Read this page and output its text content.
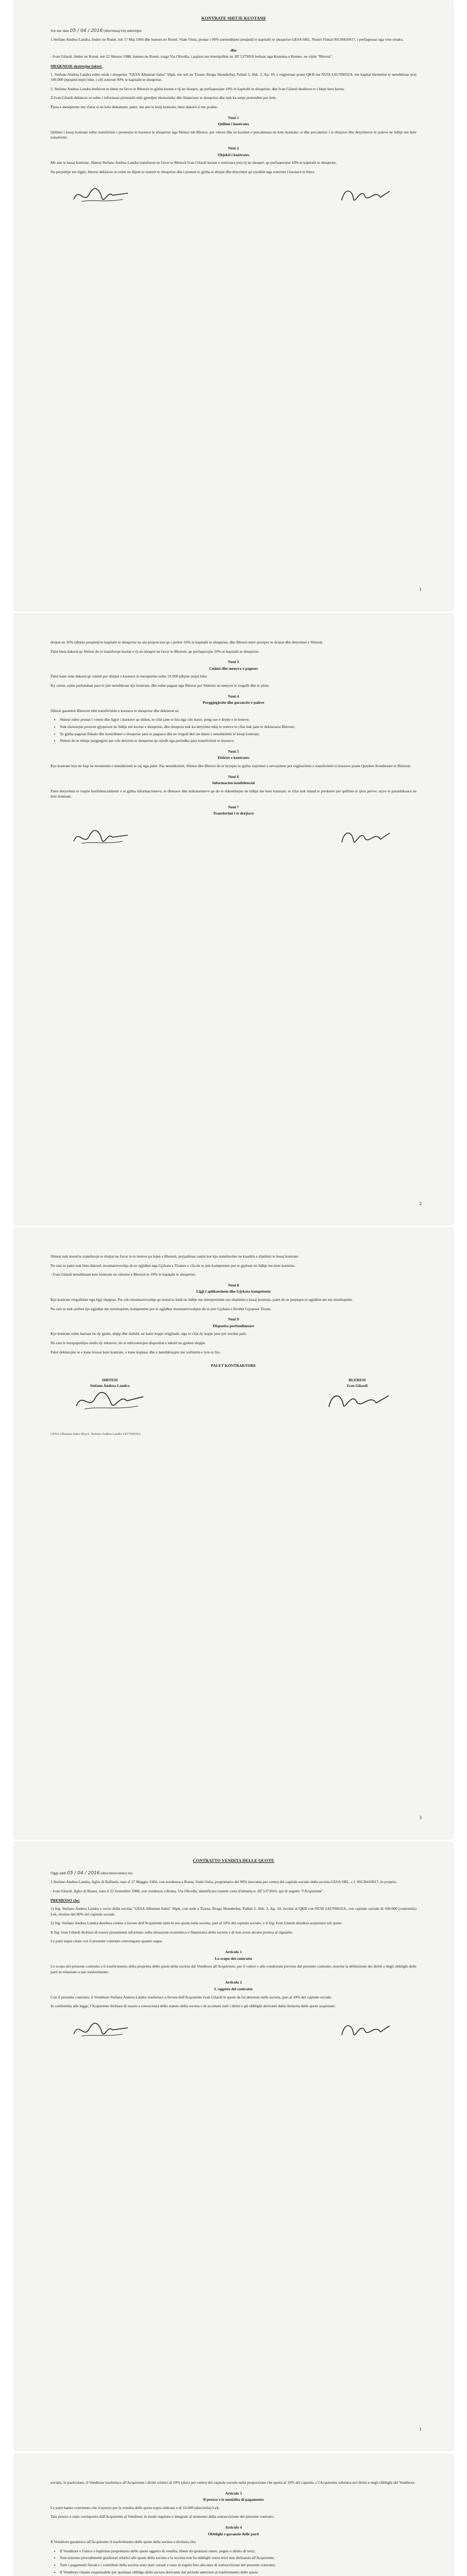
KONTRATE SHITJE KUOTASH

Sot me date 05 / 04 / 2016 (dite/muaj/vit) ndermjet:

1.Stefano Andrea Landra, lindur ne Romë, më 17 Maj 1966 dhe banues ne Romë, Viale Ostia, pronar i 90% (nentedhjete perqind) te kapitalit te shoqerise GESA SRL, Numri Fiskal 09130410017, i perfaqesuar nga vete ortaku.

dhe

- Ivan Gilardi, lindur ne Romë, më 22 Shtator 1988, banues ne Romë, rruga Via Olivella, i pajisur me leternjoftim nr. AT 5373010 leshuar nga Komuna e Romes, ne vijim "Bleresi".

MEQENESE ekzistojne faktet:

1. Stefano Andrea Landra eshte ortak i shoqerise "GESA Albanian Sales" Shpk, me seli ne Tirane, Rruga Skenderbej, Pallati 5, Shk. 2, Ap. 10, e regjistruar prane QKB me NUIS L81709032A, me kapital themeltar te nenshkruar prej 100.000 (njeqind mije) leke, i cili zoteron 90% te kapitalit te shoqerise.

2. Stefano Andrea Landra deshiron te shese ne favor te Bleresit te gjitha kuotat e tij ne shoqeri, qe perfaqesojne 10% te kapitalit te shoqerise, dhe Ivan Gilardi deshiron te i bleje keto kuota.

Z.Ivan Gilardi deklaron se eshte i informuar plotesisht mbi gjendjen ekonomike dhe financiare te shoqerise dhe nuk ka asnje pretendim per kete.

Pjesa e mesiperme me vlerat si ne kete dokument, palet, me ane te ketij kontrate, bien dakord si me poshte.

Neni 1
Qellimi i kontrates

Qellimi i kesaj kontrate eshte transferimi i pronesise te kuotave te shoqerise nga Shitesi tek Bleresi, per vleren dhe ne kushtet e percaktuara ne kete kontrate, si dhe percaktimi i te drejtave dhe detyrimeve te paleve ne lidhje me kete transferim.

Neni 2
Objekti i kontrates

Me ane te kesaj kontrate, Shitesi Stefano Andrea Landra transferon ne favor te Bleresit Ivan Gilardi kuotat e zoteruara prej tij ne shoqeri, qe perfaqesojne 10% te kapitalit te shoqerise.

Ne perputhje me ligjin, bleresi deklaron se eshte ne dijeni te statutit te shoqerise dhe i pranon te gjitha te drejtat dhe detyrimet qe rrjedhin nga zoterimi i kuotave te blera.

1

drejtat ne 10% (dhjete perqind) te kapitalit te shoqerise ne ate proporcion qe i perket 10% te kapitalit te shoqerise, dhe Bleresi merr persiper te drejtat dhe detyrimet e Shitesit.

Palet bien dakord qe Shitesi do te transferoje kuotat e tij ne shoqeri ne favor te Bleresit, qe perfaqesojne 10% te kapitalit te shoqerise.

Neni 3
Cmimi dhe menyra e pageses

Palet kane rene dakord qe cmimi per shitjen e kuotave te mesiperme eshte 10.000 (dhjete mije) leke.

Ky cmim, eshte perfunduar pasi te jete nenshkruar kjo kontrate, dhe eshte paguar nga Bleresi per Shitesin ne menyre te rregullt dhe te plote.

Neni 4
Perggjegjesite dhe garancite e paleve

Shitesi garanton Bleresin mbi transferimin e kuotave te shoqerise dhe deklaron se:

• Shitesi eshte pronar i vetem dhe ligjor i kuotave qe shiten, te cilat jane te lira nga cdo barre, peng ose e drejte e te treteve;
• Nuk ekzistojne procese gjyqesore ne lidhje me kuotat e shoqerise, dhe shoqeria nuk ka detyrime ndaj te treteve te cilat nuk jane te deklaruara Bleresit;
• Te gjitha pagesat fiskale dhe kontributet e shoqerise jane te paguara dhe ne rregull deri ne daten e nenshkrimit te kesaj kontrate;
• Shitesi do te mbaje pergjegjesi per cdo detyrim te shoqerise qe rrjedh nga periudha para transferimit te kuotave.
Neni 5
Efektet e kontrates

Kjo kontrate hyn ne fuqi ne momentin e nenshkrimit te saj nga palet. Pas nenshkrimit, Shitesi dhe Bleresi do te kryejne te gjitha veprimet e nevojshme per regjistrimin e transferimit te kuotave prane Qendres Kombetare te Biznesit.

Neni 6
Informacion konfidencial

Palet detyrohen te ruajne konfidencialitetin e te gjitha informacioneve, te dhenave dhe dokumenteve qe do te shkembejne ne lidhje me kete kontrate, te cilat nuk mund te perdoren per qellime te tjera pervec atyre te parashikuara ne kete kontrate.

Neni 7
Transferimi i te drejtave
2

Shitesi nuk mund te transferoje te drejtat ne favor te te treteve pa lejen e Bleresit, perjashtuar rastin kur kjo transferohet ne kuadrin e zbatimit te kesaj kontrate.

Ne rast se palet nuk bien dakord, mosmarreveshja do te zgjidhet nga Gjykata e Tiranes e cila do te jete kompetente per te gjykuar ne lidhje me kete kontrate.

- Ivan Gilardi nenshkruan kete kontrate ne cilesine e Bleresit te 10% te kapitalit te shoqerise.

Neni 8
Ligji i aplikueshem dhe Gjykata kompetente

Kjo kontrate rregullohet nga ligji shqiptar. Per cdo mosmarreveshje qe mund te lindi ne lidhje me interpretimin ose zbatimin e kesaj kontrate, palet do te perpiqen ta zgjidhin ate me mirekuptim.

Ne rast se nuk arrihet nje zgjidhje me mirekuptim, kompetente per te zgjidhur mosmarreveshjen do te jete Gjykata e Rrethit Gjyqesor Tirane.

Neni 9
Dispozita perfundimtare

Kjo kontrate eshte hartuar ne dy gjuhe, shqip dhe italisht, ne kater kopje origjinale, nga te cilat dy kopje jane per secilen pale.

Ne rast te mospuputhjes midis dy teksteve, do te mbizoterojne dispozitat e tekstit ne gjuhen shqipe.

Palet deklarojne se e kane lexuar kete kontrate, e kane kuptuar dhe e nenshkruajne me vullnetin e tyre te lire.

PALET KONTRAKTORE
SHITESI
Stefano Andrea Landra
GESA Albanian Sales Sh.p.k. Stefano Andrea Landra L81709032A
BLERESI
Ivan Gilardi
3
CONTRATTO VENDITA DELLE QUOTE

Oggi addi 05 / 04 / 2016 (dita/mese/anno) tra:

1.Stefano Andrea Landra, figlio di Raffaele, nato il 17 Maggio 1966, con residenza a Roma, Viale Ostia, proprietario del 90% (novanta per cento) del capitale sociale della societa GESA SRL, c.f. 09130410017, in proprio.

- Ivan Gilardi, figlio di Bruno, nato il 22 Settembre 1988, con residenza a Roma, Via Olivella, identificato tramite carta d'identita n. AT 5373010, qui di seguito "l'Acquirente".

PREMESSO che:

1) Sig. Stefano Andrea Landra e socio della societa "GESA Albanian Sales" Shpk, con sede a Tirana, Rruga Skenderbej, Pallati 5, Shk. 2, Ap. 10, iscritta al QKB con NUIS L81709032A, con capitale sociale di 100.000 (centomila) Lek, titolare del 90% del capitale sociale.

2) Sig. Stefano Andrea Landra desidera cedere a favore dell'Acquirente tutte le sue quote nella societa, pari al 10% del capitale sociale, e il Sig. Ivan Gilardi desidera acquistare tali quote.

Il Sig. Ivan Gilardi dichiara di essere pienamente informato sulla situazione economica e finanziaria della societa e di non avere alcuna pretesa al riguardo.

Le parti sopra citate con il presente contratto convengono quanto segue.

Articolo 1
Lo scopo del contratto

Lo scopo del presente contratto e il trasferimento della proprieta delle quote della societa dal Venditore all'Acquirente, per il valore e alle condizioni previste dal presente contratto, nonche la definizione dei diritti e degli obblighi delle parti in relazione a tale trasferimento.

Articolo 2
L'oggetto del contratto

Con il presente contratto, il Venditore Stefano Andrea Landra trasferisce a favore dell'Acquirente Ivan Gilardi le quote da lui detenute nella societa, pari al 10% del capitale sociale.

In conformita alla legge, l'Acquirente dichiara di essere a conoscenza dello statuto della societa e di accettare tutti i diritti e gli obblighi derivanti dalla titolarita delle quote acquistate.

1

sociale, in particolare, il Venditore trasferisce all'Acquirente i diritti relativi al 10% (dieci per cento) del capitale sociale nella proporzione che spetta al 10% del capitale, e l'Acquirente subentra nei diritti e negli obblighi del Venditore.

Articolo 3
Il prezzo e le modalita di pagamento

Le parti hanno convenuto che il prezzo per la vendita delle quote sopra indicate e di 10.000 (diecimila) Lek.

Tale prezzo e stato corrisposto dall'Acquirente al Venditore in modo regolare e integrale al momento della sottoscrizione del presente contratto.

Articolo 4
Obblighi e garanzie delle parti

Il Venditore garantisce all'Acquirente il trasferimento delle quote della societa e dichiara che:

• Il Venditore e l'unico e legittimo proprietario delle quote oggetto di vendita, libere da qualsiasi onere, pegno o diritto di terzi;
• Non esistono procedimenti giudiziari relativi alle quote della societa e la societa non ha obblighi verso terzi non dichiarati all'Acquirente;
• Tutti i pagamenti fiscali e i contributi della societa sono stati versati e sono in regola fino alla data di sottoscrizione del presente contratto;
• Il Venditore rimane responsabile per qualsiasi obbligo della societa derivante dal periodo anteriore al trasferimento delle quote.
